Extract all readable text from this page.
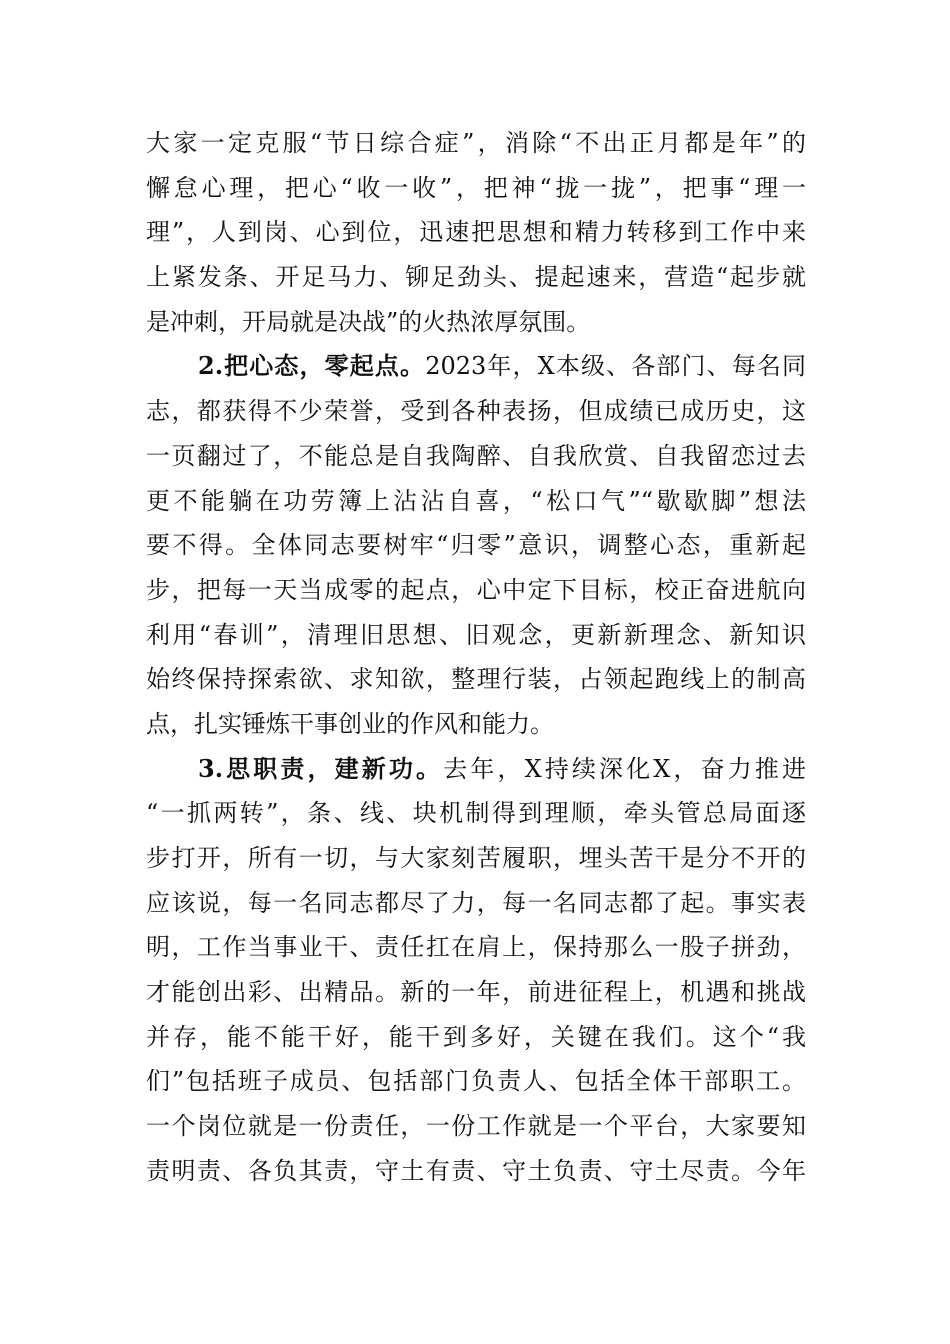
大家一定克服“节日综合症”，消除“不出正月都是年”的
懈怠心理，把心“收一收”，把神“拢一拢”，把事“理一
理”，人到岗、心到位，迅速把思想和精力转移到工作中来
上紧发条、开足马力、铆足劲头、提起速来，营造“起步就
是冲刺，开局就是决战”的火热浓厚氛围。
2.把心态，零起点。2023年，X本级、各部门、每名同
志，都获得不少荣誉，受到各种表扬，但成绩已成历史，这
一页翻过了，不能总是自我陶醉、自我欣赏、自我留恋过去
更不能躺在功劳簿上沾沾自喜，“松口气”“歇歇脚”想法
要不得。全体同志要树牢“归零”意识，调整心态，重新起
步，把每一天当成零的起点，心中定下目标，校正奋进航向
利用“春训”，清理旧思想、旧观念，更新新理念、新知识
始终保持探索欲、求知欲，整理行装，占领起跑线上的制高
点，扎实锤炼干事创业的作风和能力。
3.思职责，建新功。去年，X持续深化X，奋力推进
“一抓两转”，条、线、块机制得到理顺，牵头管总局面逐
步打开，所有一切，与大家刻苦履职，埋头苦干是分不开的
应该说，每一名同志都尽了力，每一名同志都了起。事实表
明，工作当事业干、责任扛在肩上，保持那么一股子拼劲，
才能创出彩、出精品。新的一年，前进征程上，机遇和挑战
并存，能不能干好，能干到多好，关键在我们。这个“我
们”包括班子成员、包括部门负责人、包括全体干部职工。
一个岗位就是一份责任，一份工作就是一个平台，大家要知
责明责、各负其责，守土有责、守土负责、守土尽责。今年
